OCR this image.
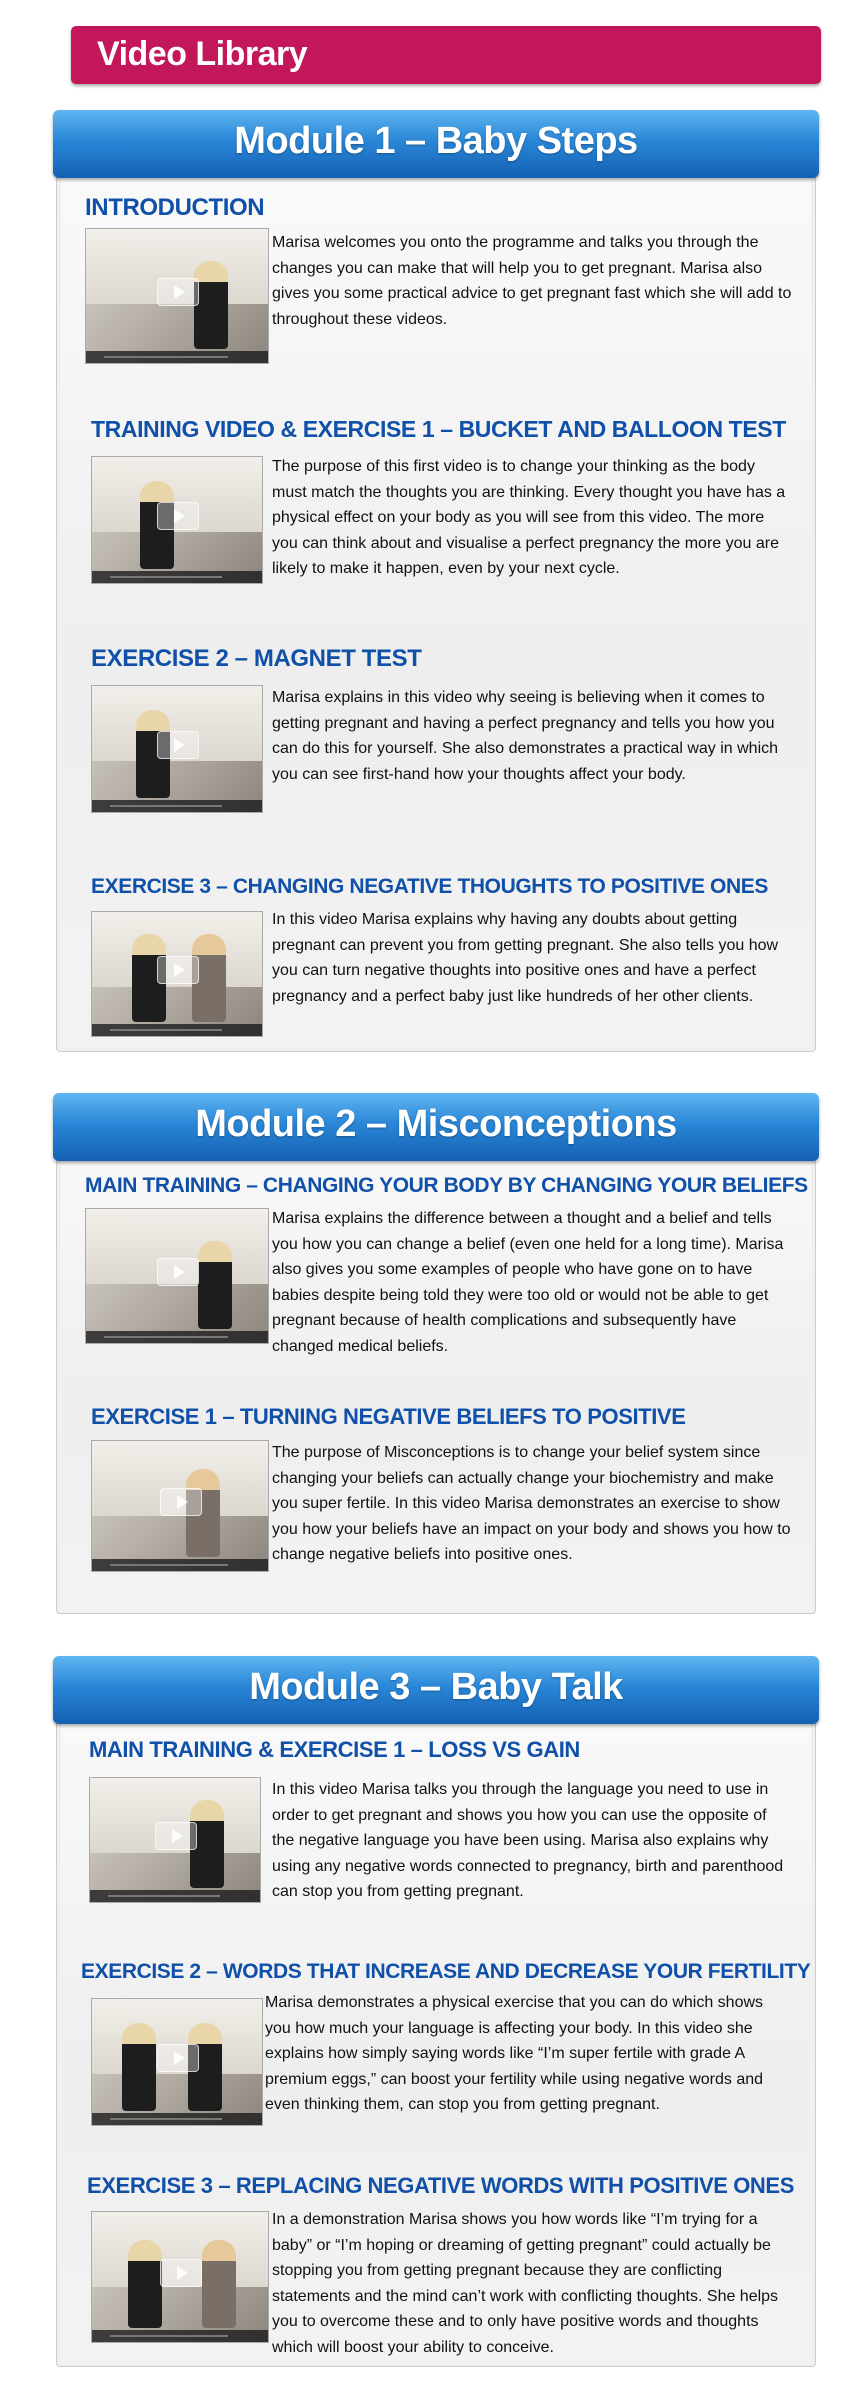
Video Library
Module 1 – Baby Steps
INTRODUCTION
Marisa welcomes you onto the programme and talks you through the changes you can make that will help you to get pregnant. Marisa also gives you some practical advice to get pregnant fast which she will add to throughout these videos.
TRAINING VIDEO & EXERCISE 1 – BUCKET AND BALLOON TEST
The purpose of this first video is to change your thinking as the body must match the thoughts you are thinking. Every thought you have has a physical effect on your body as you will see from this video. The more you can think about and visualise a perfect pregnancy the more you are likely to make it happen, even by your next cycle.
EXERCISE 2 – MAGNET TEST
Marisa explains in this video why seeing is believing when it comes to getting pregnant and having a perfect pregnancy and tells you how you can do this for yourself. She also demonstrates a practical way in which you can see first-hand how your thoughts affect your body.
EXERCISE 3 – CHANGING NEGATIVE THOUGHTS TO POSITIVE ONES
In this video Marisa explains why having any doubts about getting pregnant can prevent you from getting pregnant. She also tells you how you can turn negative thoughts into positive ones and have a perfect pregnancy and a perfect baby just like hundreds of her other clients.
Module 2 – Misconceptions
MAIN TRAINING – CHANGING YOUR BODY BY CHANGING YOUR BELIEFS
Marisa explains the difference between a thought and a belief and tells you how you can change a belief (even one held for a long time). Marisa also gives you some examples of people who have gone on to have babies despite being told they were too old or would not be able to get pregnant because of health complications and subsequently have changed medical beliefs.
EXERCISE 1 – TURNING NEGATIVE BELIEFS TO POSITIVE
The purpose of Misconceptions is to change your belief system since changing your beliefs can actually change your biochemistry and make you super fertile. In this video Marisa demonstrates an exercise to show you how your beliefs have an impact on your body and shows you how to change negative beliefs into positive ones.
Module 3 – Baby Talk
MAIN TRAINING & EXERCISE 1 – LOSS VS GAIN
In this video Marisa talks you through the language you need to use in order to get pregnant and shows you how you can use the opposite of the negative language you have been using. Marisa also explains why using any negative words connected to pregnancy, birth and parenthood can stop you from getting pregnant.
EXERCISE 2 – WORDS THAT INCREASE AND DECREASE YOUR FERTILITY
Marisa demonstrates a physical exercise that you can do which shows you how much your language is affecting your body. In this video she explains how simply saying words like “I’m super fertile with grade A premium eggs,” can boost your fertility while using negative words and even thinking them, can stop you from getting pregnant.
EXERCISE 3 – REPLACING NEGATIVE WORDS WITH POSITIVE ONES
In a demonstration Marisa shows you how words like “I’m trying for a baby” or “I’m hoping or dreaming of getting pregnant” could actually be stopping you from getting pregnant because they are conflicting statements and the mind can’t work with conflicting thoughts. She helps you to overcome these and to only have positive words and thoughts which will boost your ability to conceive.
